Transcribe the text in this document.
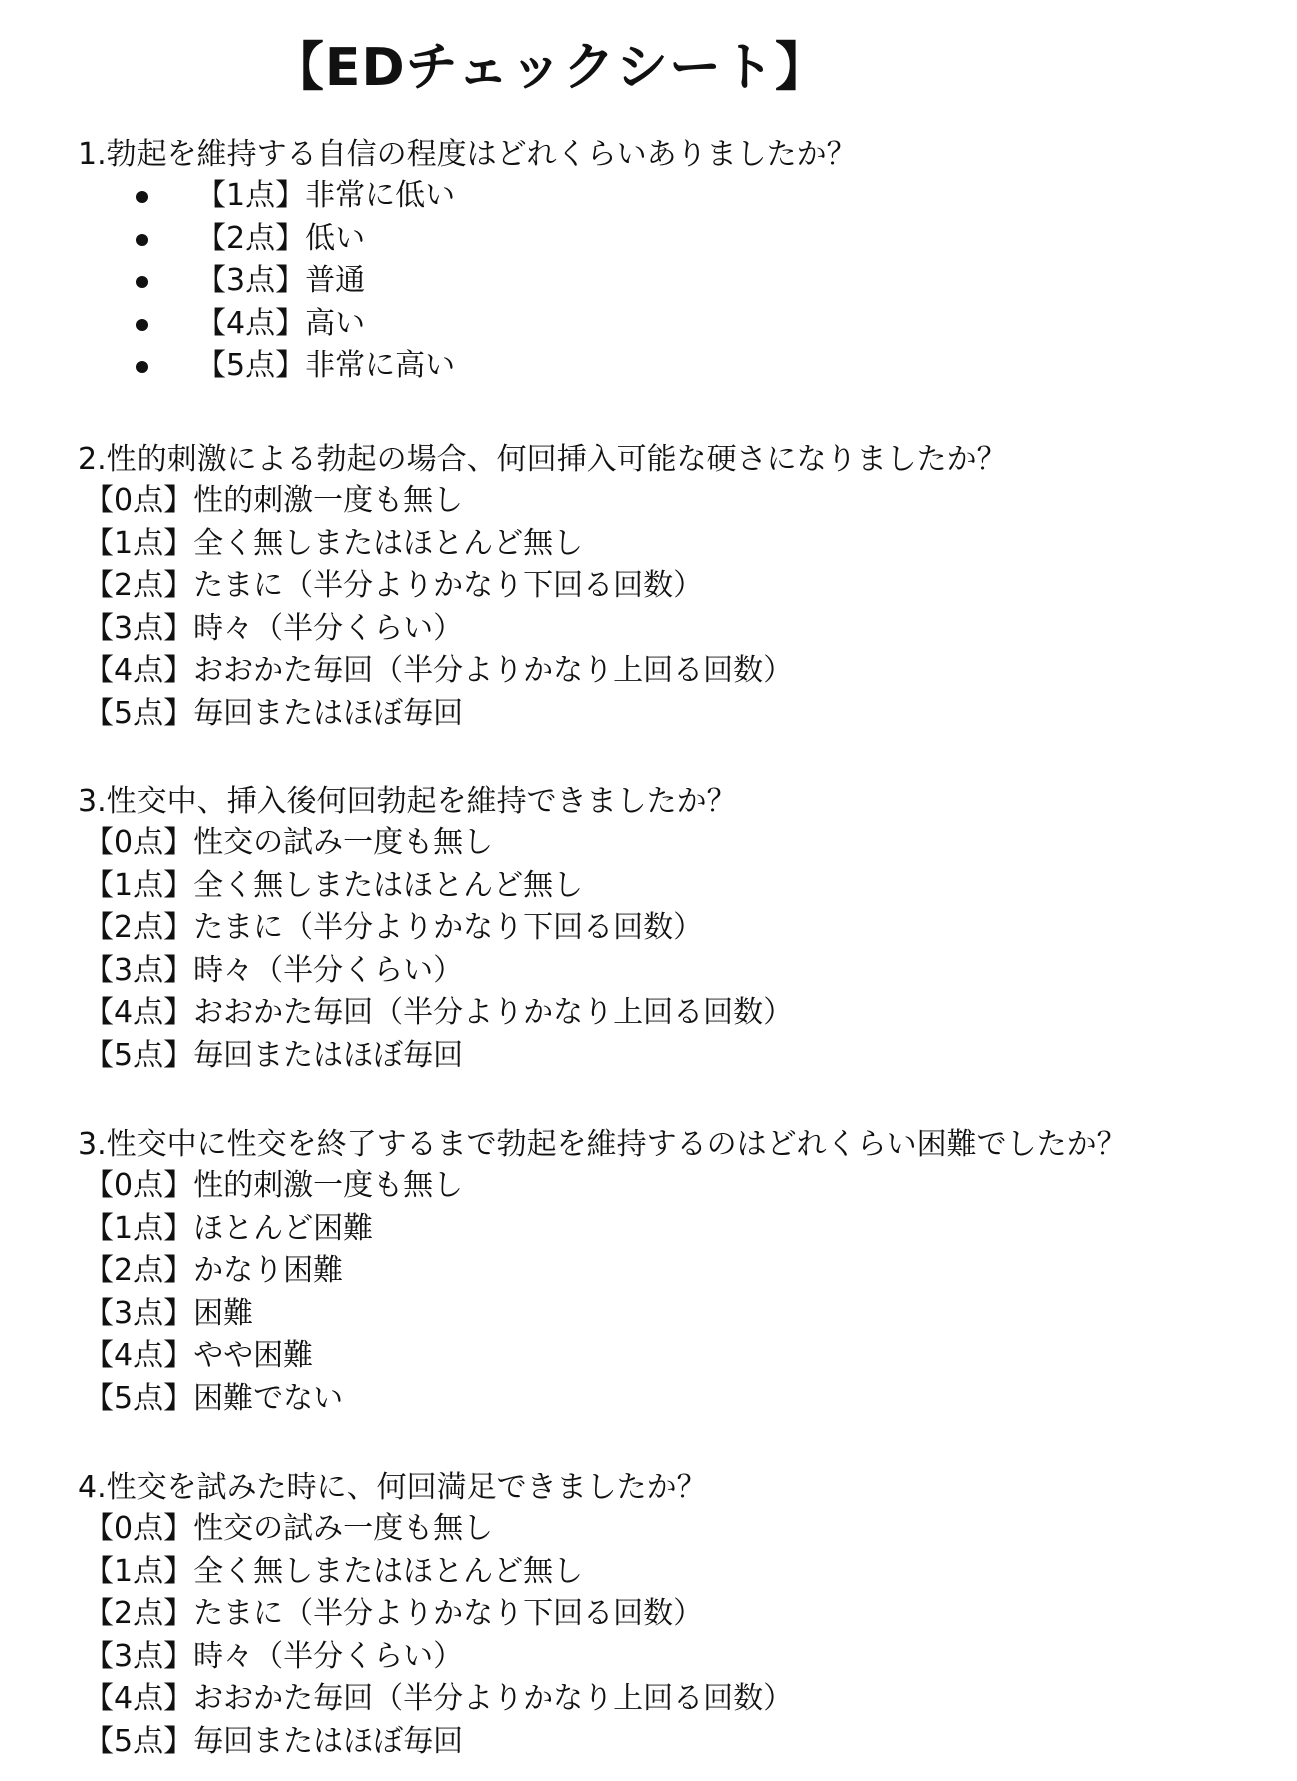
【EDチェックシート】
1.勃起を維持する自信の程度はどれくらいありましたか？
【1点】非常に低い
【2点】低い
【3点】普通
【4点】高い
【5点】非常に高い
2.性的刺激による勃起の場合、何回挿入可能な硬さになりましたか？
【0点】性的刺激一度も無し
【1点】全く無しまたはほとんど無し
【2点】たまに（半分よりかなり下回る回数）
【3点】時々（半分くらい）
【4点】おおかた毎回（半分よりかなり上回る回数）
【5点】毎回またはほぼ毎回
3.性交中、挿入後何回勃起を維持できましたか？
【0点】性交の試み一度も無し
【1点】全く無しまたはほとんど無し
【2点】たまに（半分よりかなり下回る回数）
【3点】時々（半分くらい）
【4点】おおかた毎回（半分よりかなり上回る回数）
【5点】毎回またはほぼ毎回
3.性交中に性交を終了するまで勃起を維持するのはどれくらい困難でしたか？
【0点】性的刺激一度も無し
【1点】ほとんど困難
【2点】かなり困難
【3点】困難
【4点】やや困難
【5点】困難でない
4.性交を試みた時に、何回満足できましたか？
【0点】性交の試み一度も無し
【1点】全く無しまたはほとんど無し
【2点】たまに（半分よりかなり下回る回数）
【3点】時々（半分くらい）
【4点】おおかた毎回（半分よりかなり上回る回数）
【5点】毎回またはほぼ毎回
